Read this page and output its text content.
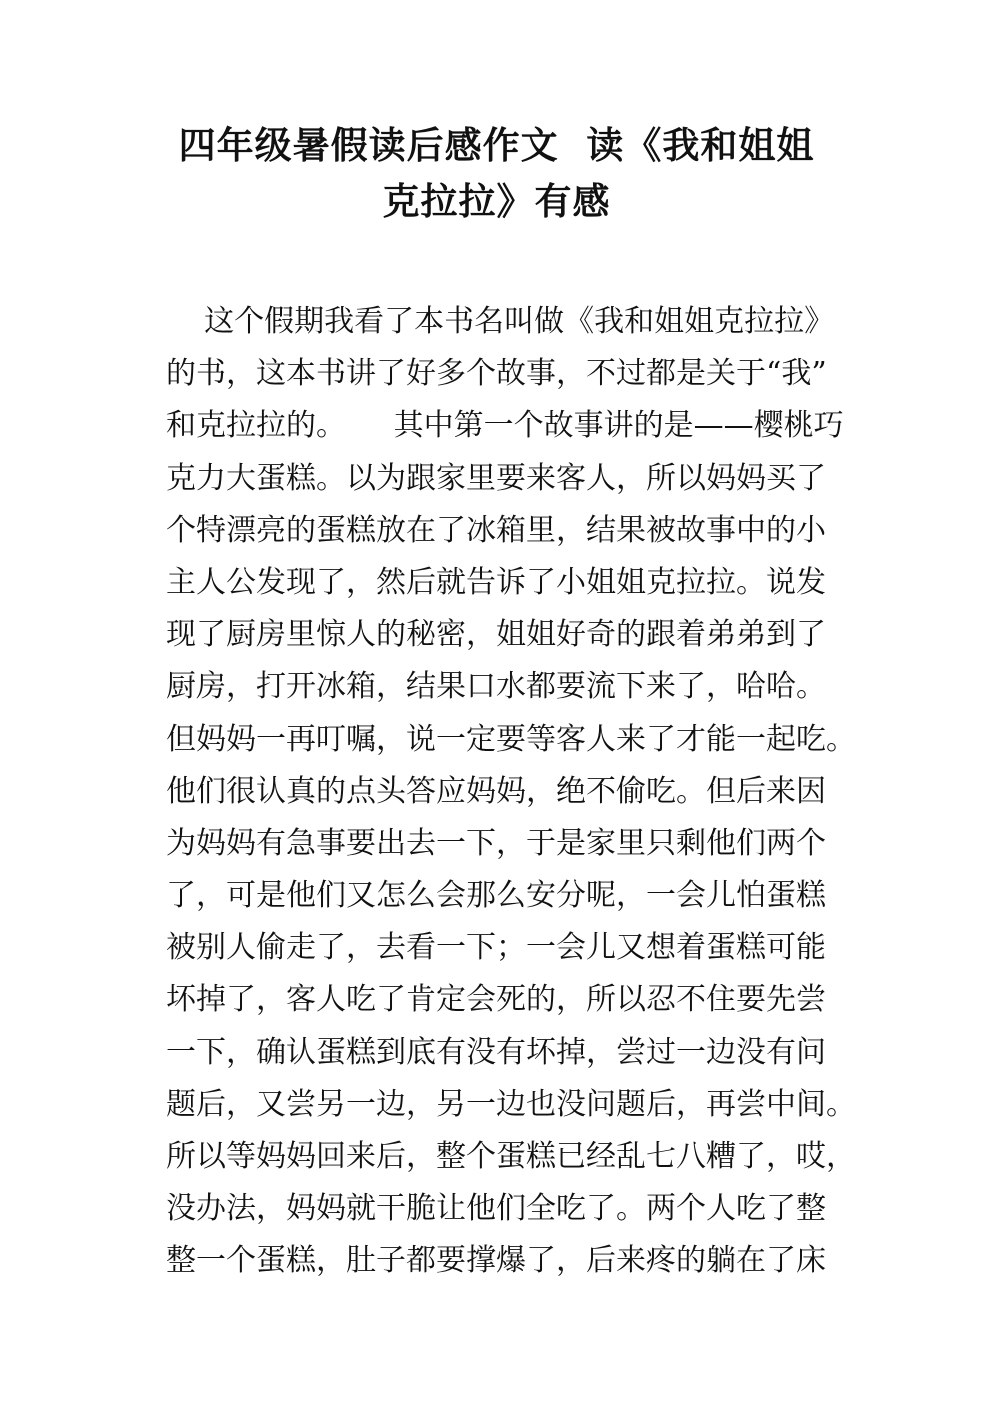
四年级暑假读后感作文  读《我和姐姐
克拉拉》有感
这个假期我看了本书名叫做《我和姐姐克拉拉》
的书，这本书讲了好多个故事，不过都是关于“我”
和克拉拉的。     其中第一个故事讲的是——樱桃巧
克力大蛋糕。以为跟家里要来客人，所以妈妈买了
个特漂亮的蛋糕放在了冰箱里，结果被故事中的小
主人公发现了，然后就告诉了小姐姐克拉拉。说发
现了厨房里惊人的秘密，姐姐好奇的跟着弟弟到了
厨房，打开冰箱，结果口水都要流下来了，哈哈。
但妈妈一再叮嘱，说一定要等客人来了才能一起吃。
他们很认真的点头答应妈妈，绝不偷吃。但后来因
为妈妈有急事要出去一下，于是家里只剩他们两个
了，可是他们又怎么会那么安分呢，一会儿怕蛋糕
被别人偷走了，去看一下；一会儿又想着蛋糕可能
坏掉了，客人吃了肯定会死的，所以忍不住要先尝
一下，确认蛋糕到底有没有坏掉，尝过一边没有问
题后，又尝另一边，另一边也没问题后，再尝中间。
所以等妈妈回来后，整个蛋糕已经乱七八糟了，哎，
没办法，妈妈就干脆让他们全吃了。两个人吃了整
整一个蛋糕，肚子都要撑爆了，后来疼的躺在了床
